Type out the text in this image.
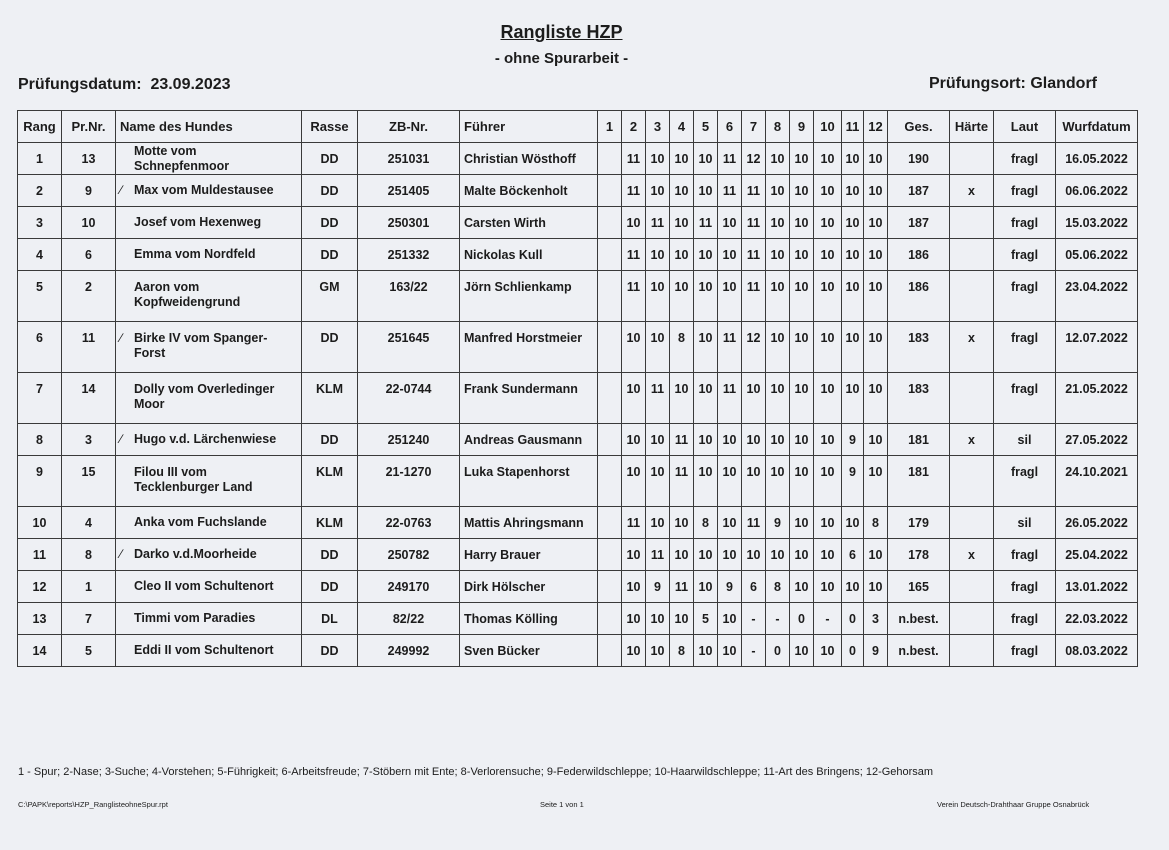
Rangliste HZP
- ohne Spurarbeit -
Prüfungsdatum: 23.09.2023	Prüfungsort: Glandorf
Rang	Pr.Nr.	Name des Hundes	Rasse	ZB-Nr.	Führer	1	2	3	4	5	6	7	8	9	10	11	12	Ges.	Härte	Laut	Wurfdatum
1	13	Motte vom Schnepfenmoor	DD	251031	Christian Wösthoff		11	10	10	10	11	12	10	10	10	10	10	190		fragl	16.05.2022
2	9	∕ Max vom Muldestausee	DD	251405	Malte Böckenholt		11	10	10	10	11	11	10	10	10	10	10	187	x	fragl	06.06.2022
3	10	Josef vom Hexenweg	DD	250301	Carsten Wirth		10	11	10	11	10	11	10	10	10	10	10	187		fragl	15.03.2022
4	6	Emma vom Nordfeld	DD	251332	Nickolas Kull		11	10	10	10	10	11	10	10	10	10	10	186		fragl	05.06.2022
5	2	Aaron vom Kopfweidengrund	GM	163/22	Jörn Schlienkamp		11	10	10	10	10	11	10	10	10	10	10	186		fragl	23.04.2022
6	11	∕ Birke IV vom Spanger-Forst	DD	251645	Manfred Horstmeier		10	10	8	10	11	12	10	10	10	10	10	183	x	fragl	12.07.2022
7	14	Dolly vom Overledinger Moor	KLM	22-0744	Frank Sundermann		10	11	10	10	11	10	10	10	10	10	10	183		fragl	21.05.2022
8	3	∕ Hugo v.d. Lärchenwiese	DD	251240	Andreas Gausmann		10	10	11	10	10	10	10	10	10	9	10	181	x	sil	27.05.2022
9	15	Filou III vom Tecklenburger Land	KLM	21-1270	Luka Stapenhorst		10	10	11	10	10	10	10	10	10	9	10	181		fragl	24.10.2021
10	4	Anka vom Fuchslande	KLM	22-0763	Mattis Ahringsmann		11	10	10	8	10	11	9	10	10	10	8	179		sil	26.05.2022
11	8	∕ Darko v.d.Moorheide	DD	250782	Harry Brauer		10	11	10	10	10	10	10	10	10	6	10	178	x	fragl	25.04.2022
12	1	Cleo II vom Schultenort	DD	249170	Dirk Hölscher		10	9	11	10	9	6	8	10	10	10	10	165		fragl	13.01.2022
13	7	Timmi vom Paradies	DL	82/22	Thomas Kölling		10	10	10	5	10	-	-	0	-	0	3	n.best.		fragl	22.03.2022
14	5	Eddi II vom Schultenort	DD	249992	Sven Bücker		10	10	8	10	10	-	0	10	10	0	9	n.best.		fragl	08.03.2022
1 - Spur; 2-Nase; 3-Suche; 4-Vorstehen; 5-Führigkeit; 6-Arbeitsfreude; 7-Stöbern mit Ente; 8-Verlorensuche; 9-Federwildschleppe; 10-Haarwildschleppe; 11-Art des Bringens; 12-Gehorsam
C:\PAPK\reports\HZP_RanglisteohneSpur.rpt	Seite 1 von 1	Verein Deutsch-Drahthaar Gruppe Osnabrück
